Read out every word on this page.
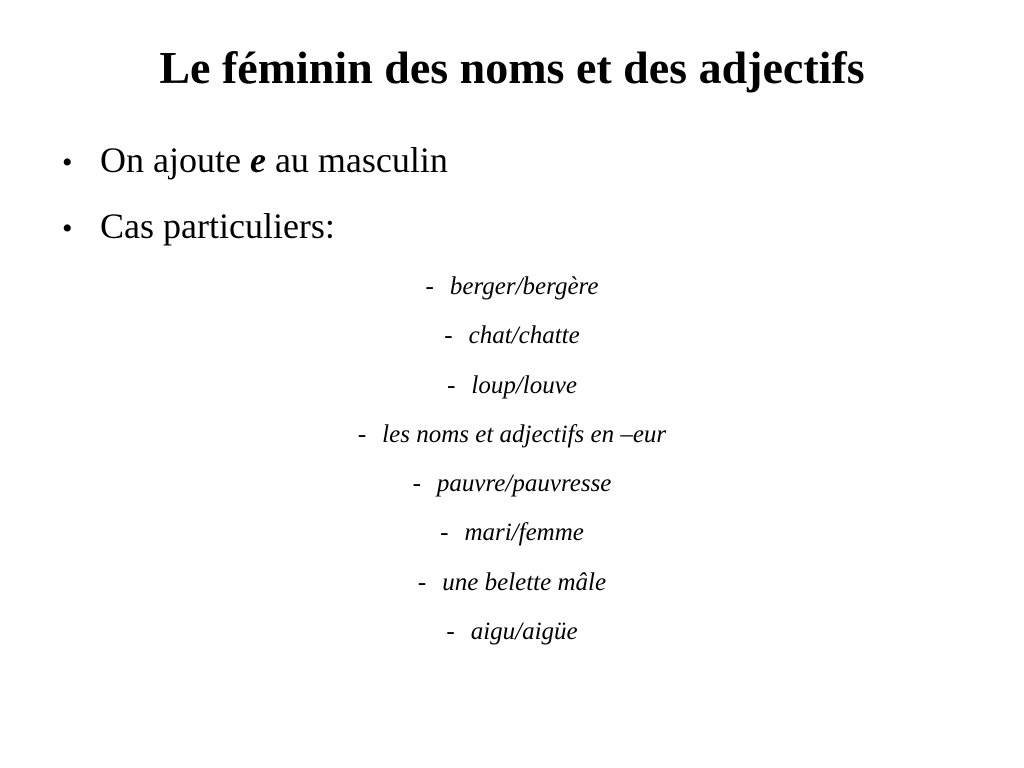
Le féminin des noms et des adjectifs
• On ajoute e au masculin
• Cas particuliers:
- berger/bergère
- chat/chatte
- loup/louve
- les noms et adjectifs en –eur
- pauvre/pauvresse
- mari/femme
- une belette mâle
- aigu/aigüe
